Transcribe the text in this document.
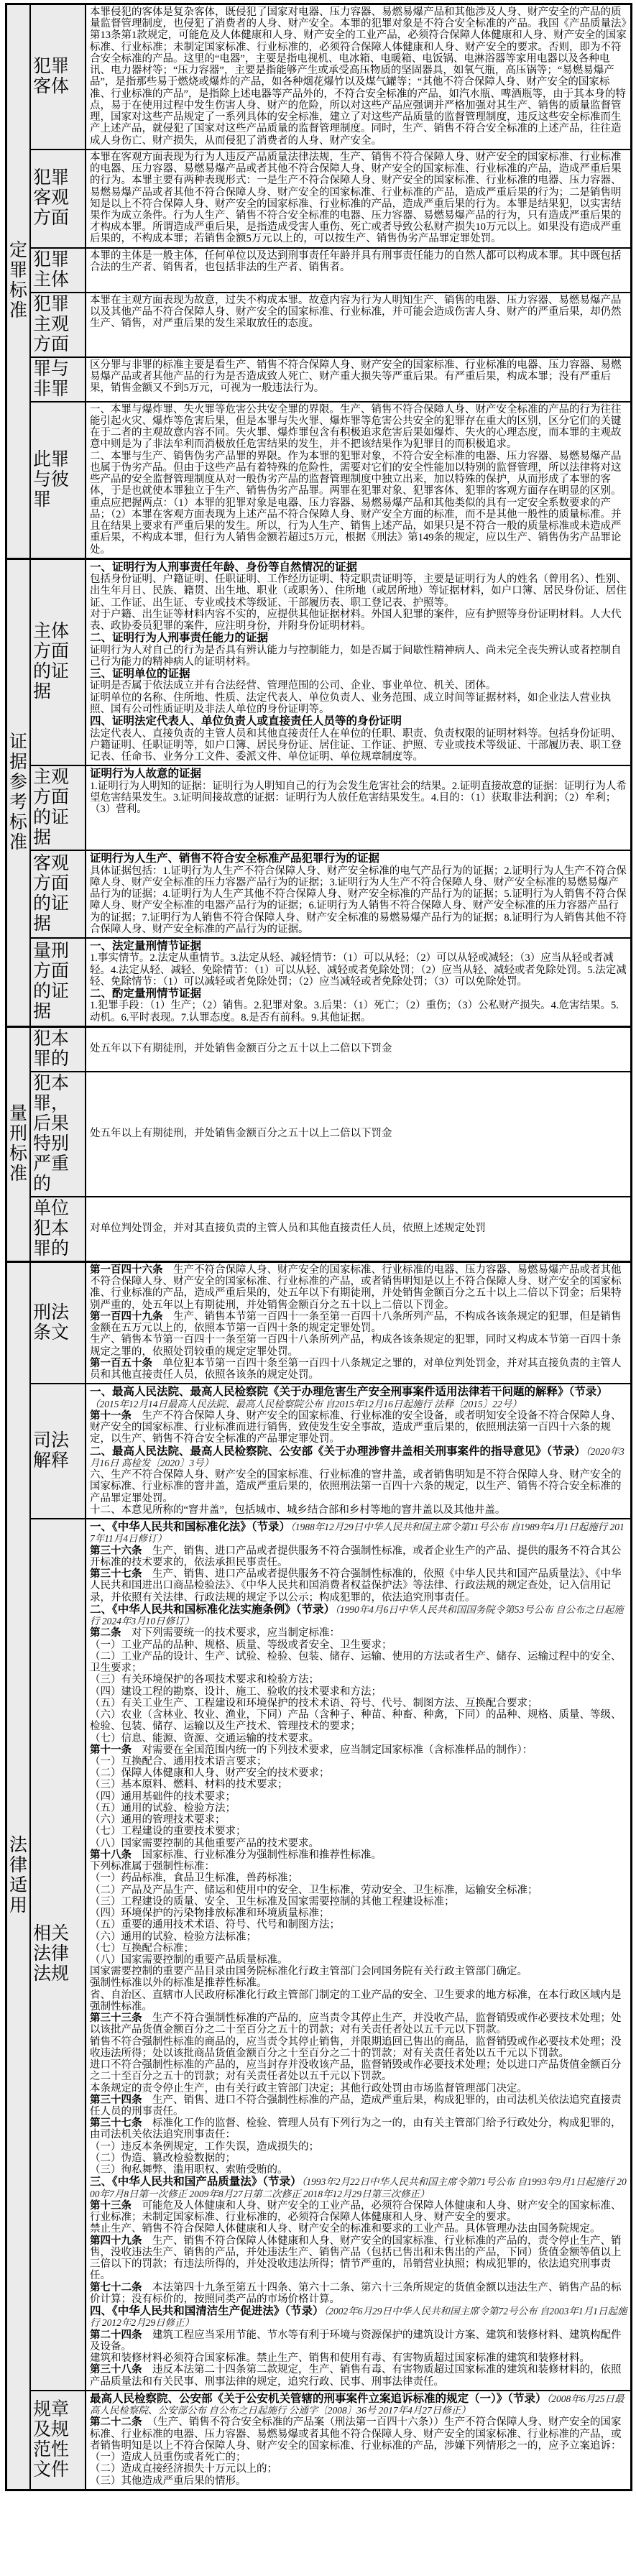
定罪标准
犯罪客体

本罪侵犯的客体是复杂客体，既侵犯了国家对电器、压力容器、易燃易爆产品和其他涉及人身、财产安全的产品的质量监督管理制度，也侵犯了消费者的人身、财产安全。本罪的犯罪对象是不符合安全标准的产品。我国《产品质量法》第13条第1款规定，可能危及人体健康和人身、财产安全的工业产品，必须符合保障人体健康和人身、财产安全的国家标准、行业标准；未制定国家标准、行业标准的，必须符合保障人体健康和人身、财产安全的要求。否则，即为不符合安全标准的产品。这里的“电器”，主要是指电视机、电冰箱、电暖箱、电饭锅、电淋浴器等家用电器以及各种电讯、电力器材等；“压力容器”，主要是指能够产生或承受高压物质的坚固器具，如氧气瓶，高压锅等；“易燃易爆产品”，是指那些易于燃烧或爆炸的产品，如各种烟花爆竹以及煤气罐等；“其他不符合保障人身、财产安全的国家标准、行业标准的产品”，是指除上述电器等产品外的，不符合安全标准的产品，如汽水瓶、啤酒瓶等，由于其本身的特点，易于在使用过程中发生伤害人身、财产的危险，所以对这些产品应强调并严格加强对其生产、销售的质量监督管理，国家对这些产品规定了一系列具体的安全标准，建立了对这些产品质量的监督管理制度，违反这些安全标准而生产上述产品，就侵犯了国家对这些产品质量的监督管理制度。同时，生产、销售不符合安全标准的上述产品，往往造成人身伤亡、财产损失，从而侵犯了消费者的人身、财产安全。

犯罪客观方面

本罪在客观方面表现为行为人违反产品质量法律法规，生产、销售不符合保障人身、财产安全的国家标准、行业标准的电器、压力容器、易燃易爆产品或者其他不符合保障人身、财产安全的国家标准、行业标准的产品，造成严重后果的行为。本罪主要有两种表现形式：一是生产不符合保障人身、财产安全的国家标准、行业标准的电器、压力容器、易燃易爆产品或者其他不符合保障人身、财产安全的国家标准、行业标准的产品，造成严重后果的行为；二是销售明知是以上不符合保障人身、财产安全的国家标准、行业标准的产品，造成严重后果的行为。本罪是结果犯，以实害结果作为成立条件。行为人生产、销售不符合安全标准的电器、压力容器、易燃易爆产品的行为，只有造成严重后果的才构成本罪。所谓造成严重后果，是指造成受害人重伤、死亡或者导致公私财产损失10万元以上。如果没有造成严重后果的，不构成本罪；若销售金额5万元以上的，可以按生产、销售伪劣产品罪定罪处罚。

犯罪主体

本罪的主体是一般主体，任何单位以及达到刑事责任年龄并具有刑事责任能力的自然人都可以构成本罪。其中既包括合法的生产者、销售者，也包括非法的生产者、销售者。

犯罪主观方面

本罪在主观方面表现为故意，过失不构成本罪。故意内容为行为人明知生产、销售的电器、压力容器、易燃易爆产品以及其他产品不符合保障人身、财产安全的国家标准、行业标准，并可能会造成伤害人身、财产的严重后果，却仍然生产、销售，对严重后果的发生采取放任的态度。

罪与非罪

区分罪与非罪的标准主要是看生产、销售不符合保障人身、财产安全的国家标准、行业标准的电器、压力容器、易燃易爆产品或者其他产品的行为是否造成致人死亡、财产重大损失等严重后果。有严重后果，构成本罪；没有严重后果，销售金额又不到5万元，可视为一般违法行为。

此罪与彼罪

一、本罪与爆炸罪、失火罪等危害公共安全罪的界限。生产、销售不符合保障人身、财产安全标准的产品的行为往往能引起火灾、爆炸等危害后果，但是本罪与失火罪、爆炸罪等危害公共安全的犯罪存在重大的区别，区分它们的关键在于二者的主观故意内容不同。失火罪、爆炸罪包含有积极追求危害后果如爆炸、失火的心理态度，而本罪的主观故意中则是为了非法牟利而消极放任危害结果的发生，并不把该结果作为犯罪目的而积极追求。

二、本罪与生产、销售伪劣产品罪的界限。作为本罪的犯罪对象，不符合安全标准的电器、压力容器、易燃易爆产品也属于伪劣产品。但由于这些产品有着特殊的危险性，需要对它们的安全性能加以特别的监督管理，所以法律将对这些产品的安全监督管理制度从对一般伪劣产品的监督管理制度中独立出来，加以特殊的保护，从而形成了本罪的客体，于是也就使本罪独立于生产、销售伪劣产品罪。两罪在犯罪对象、犯罪客体、犯罪的客观方面存在明显的区别。重点应把握两点：（1）本罪的犯罪对象是电器、压力容器、易燃易爆产品和其他类似的具有一定安全系数要求的产品；（2）本罪在客观方面表现为上述产品不符合保障人身、财产安全方面的标准，而不是其他一般性的质量标准。并且在结果上要求有严重后果的发生。所以，行为人生产、销售上述产品，如果只是不符合一般的质量标准或未造成严重后果，不构成本罪，但行为人销售金额若超过5万元，根据《刑法》第149条的规定，应以生产、销售伪劣产品罪论处。

证据参考标准
主体方面的证据

一、证明行为人刑事责任年龄、身份等自然情况的证据

包括身份证明、户籍证明、任职证明、工作经历证明、特定职责证明等，主要是证明行为人的姓名（曾用名）、性别、出生年月日、民族、籍贯、出生地、职业（或职务）、住所地（或居所地）等证据材料，如户口簿、居民身份证、居住证、工作证、出生证、专业或技术等级证、干部履历表、职工登记表、护照等。

对于户籍、出生证等材料内容不实的，应提供其他证据材料。外国人犯罪的案件，应有护照等身份证明材料。人大代表、政协委员犯罪的案件，应注明身份，并附身份证明材料。

二、证明行为人刑事责任能力的证据

证明行为人对自己的行为是否具有辨认能力与控制能力，如是否属于间歇性精神病人、尚未完全丧失辨认或者控制自己行为能力的精神病人的证明材料。

三、证明单位的证据

证明是否属于依法成立并有合法经营、管理范围的公司、企业、事业单位、机关、团体。

证明单位的名称、住所地、性质、法定代表人、单位负责人、业务范围、成立时间等证据材料，如企业法人营业执照、国有公司性质证明及非法人单位的身份证明等。

四、证明法定代表人、单位负责人或直接责任人员等的身份证明

法定代表人、直接负责的主管人员和其他直接责任人在单位的任职、职责、负责权限的证明材料等。包括身份证明、户籍证明、任职证明等，如户口簿、居民身份证、居住证、工作证、护照、专业或技术等级证、干部履历表、职工登记表、任命书、业务分工文件、委派文件、单位证明、单位规章制度等。

主观方面的证据

证明行为人故意的证据

1.证明行为人明知的证据：证明行为人明知自己的行为会发生危害社会的结果。2.证明直接故意的证据：证明行为人希望危害结果发生。3.证明间接故意的证据：证明行为人放任危害结果发生。4.目的：（1）获取非法利润；（2）牟利；（3）营利。

客观方面的证据

证明行为人生产、销售不符合安全标准产品犯罪行为的证据

具体证据包括：1.证明行为人生产不符合保障人身、财产安全标准的电气产品行为的证据；2.证明行为人生产不符合保障人身、财产安全标准的压力容器产品行为的证据；3.证明行为人生产不符合保障人身、财产安全标准的易燃易爆产品行为的证据；4.证明行为人生产其他不符合保障人身、财产安全标准的产品行为的证据；5.证明行为人销售不符合保障人身、财产安全标准的电器产品行为的证据；6.证明行为人销售不符合保障人身、财产安全标准的压力容器产品行为的证据；7.证明行为人销售不符合保障人身、财产安全标准的易燃易爆产品行为的证据；8.证明行为人销售其他不符合保障人身、财产安全标准的产品行为的证据。

量刑方面的证据

一、法定量刑情节证据

1.事实情节。2.法定从重情节。3.法定从轻、减轻情节：（1）可以从轻；（2）可以从轻或减轻；（3）应当从轻或者减轻。4.法定从轻、减轻、免除情节：（1）可以从轻、减轻或者免除处罚；（2）应当从轻、减轻或者免除处罚。5.法定减轻、免除情节：（1）可以减轻或者免除处罚；（2）应当减轻或者免除处罚；（3）可以免除处罚。

二、酌定量刑情节证据

1.犯罪手段：（1）生产；（2）销售。2.犯罪对象。3.后果：（1）死亡；（2）重伤；（3）公私财产损失。4.危害结果。5.动机。6.平时表现。7.认罪态度。8.是否有前科。9.其他证据。

量刑标准
犯本罪的

处五年以下有期徒刑，并处销售金额百分之五十以上二倍以下罚金

犯本罪，后果特别严重的

处五年以上有期徒刑，并处销售金额百分之五十以上二倍以下罚金

单位犯本罪的

对单位判处罚金，并对其直接负责的主管人员和其他直接责任人员，依照上述规定处罚

法律适用
刑法条文

第一百四十六条　生产不符合保障人身、财产安全的国家标准、行业标准的电器、压力容器、易燃易爆产品或者其他不符合保障人身、财产安全的国家标准、行业标准的产品，或者销售明知是以上不符合保障人身、财产安全的国家标准、行业标准的产品，造成严重后果的，处五年以下有期徒刑，并处销售金额百分之五十以上二倍以下罚金；后果特别严重的，处五年以上有期徒刑，并处销售金额百分之五十以上二倍以下罚金。

第一百四十九条　生产、销售本节第一百四十一条至第一百四十八条所列产品，不构成各该条规定的犯罪，但是销售金额在五万元以上的，依照本节第一百四十条的规定定罪处罚。

生产、销售本节第一百四十一条至第一百四十八条所列产品，构成各该条规定的犯罪，同时又构成本节第一百四十条规定之罪的，依照处罚较重的规定定罪处罚。

第一百五十条　单位犯本节第一百四十条至第一百四十八条规定之罪的，对单位判处罚金，并对其直接负责的主管人员和其他直接责任人员，依照各该条的规定处罚。

司法解释

一、最高人民法院、最高人民检察院《关于办理危害生产安全刑事案件适用法律若干问题的解释》（节录）

（2015年12月14日最高人民法院、最高人民检察院公布 自2015年12月16日起施行 法释〔2015〕22号）

第十一条　生产不符合保障人身、财产安全的国家标准、行业标准的安全设备，或者明知安全设备不符合保障人身、财产安全的国家标准、行业标准而进行销售，致使发生安全事故，造成严重后果的，依照刑法第一百四十六条的规定，以生产、销售不符合安全标准的产品罪定罪处罚。

二、最高人民法院、最高人民检察院、公安部《关于办理涉窨井盖相关刑事案件的指导意见》（节录）（2020年3月16日 高检发〔2020〕3号）

六、生产不符合保障人身、财产安全的国家标准、行业标准的窨井盖，或者销售明知是不符合保障人身、财产安全的国家标准、行业标准的窨井盖，造成严重后果的，依照刑法第一百四十六条的规定，以生产、销售不符合安全标准的产品罪定罪处罚。

十二、本意见所称的“窨井盖”，包括城市、城乡结合部和乡村等地的窨井盖以及其他井盖。

相关法律法规

一、《中华人民共和国标准化法》（节录）（1988年12月29日中华人民共和国主席令第11号公布 自1989年4月1日起施行 2017年11月4日修订）

第三十六条　生产、销售、进口产品或者提供服务不符合强制性标准，或者企业生产的产品、提供的服务不符合其公开标准的技术要求的，依法承担民事责任。

第三十七条　生产、销售、进口产品或者提供服务不符合强制性标准的，依照《中华人民共和国产品质量法》、《中华人民共和国进出口商品检验法》、《中华人民共和国消费者权益保护法》等法律、行政法规的规定查处，记入信用记录，并依照有关法律、行政法规的规定予以公示；构成犯罪的，依法追究刑事责任。

二、《中华人民共和国标准化法实施条例》（节录）（1990年4月6日中华人民共和国国务院令第53号公布 自公布之日起施行 2024年3月10日修订）

第二条　对下列需要统一的技术要求，应当制定标准：

（一）工业产品的品种、规格、质量、等级或者安全、卫生要求；

（二）工业产品的设计、生产、试验、检验、包装、储存、运输、使用的方法或者生产、储存、运输过程中的安全、卫生要求；

（三）有关环境保护的各项技术要求和检验方法；

（四）建设工程的勘察、设计、施工、验收的技术要求和方法；

（五）有关工业生产、工程建设和环境保护的技术术语、符号、代号、制图方法、互换配合要求；

（六）农业（含林业、牧业、渔业，下同）产品（含种子、种苗、种畜、种禽，下同）的品种、规格、质量、等级、检验、包装、储存、运输以及生产技术、管理技术的要求；

（七）信息、能源、资源、交通运输的技术要求。

第十一条　对需要在全国范围内统一的下列技术要求，应当制定国家标准（含标准样品的制作）：

（一）互换配合、通用技术语言要求；

（二）保障人体健康和人身、财产安全的技术要求；

（三）基本原料、燃料、材料的技术要求；

（四）通用基础件的技术要求；

（五）通用的试验、检验方法；

（六）通用的管理技术要求；

（七）工程建设的重要技术要求；

（八）国家需要控制的其他重要产品的技术要求。

第十八条　国家标准、行业标准分为强制性标准和推荐性标准。

下列标准属于强制性标准：

（一）药品标准，食品卫生标准，兽药标准；

（二）产品及产品生产、储运和使用中的安全、卫生标准，劳动安全、卫生标准，运输安全标准；

（三）工程建设的质量、安全、卫生标准及国家需要控制的其他工程建设标准；

（四）环境保护的污染物排放标准和环境质量标准；

（五）重要的通用技术术语、符号、代号和制图方法；

（六）通用的试验、检验方法标准；

（七）互换配合标准；

（八）国家需要控制的重要产品质量标准。

国家需要控制的重要产品目录由国务院标准化行政主管部门会同国务院有关行政主管部门确定。

强制性标准以外的标准是推荐性标准。

省、自治区、直辖市人民政府标准化行政主管部门制定的工业产品的安全、卫生要求的地方标准，在本行政区域内是强制性标准。

第三十三条　生产不符合强制性标准的产品的，应当责令其停止生产，并没收产品，监督销毁或作必要技术处理；处以该批产品货值金额百分之二十至百分之五十的罚款；对有关责任者处以五千元以下罚款。

销售不符合强制性标准的商品的，应当责令其停止销售，并限期追回已售出的商品，监督销毁或作必要技术处理；没收违法所得；处以该批商品货值金额百分之十至百分之二十的罚款；对有关责任者处以五千元以下罚款。

进口不符合强制性标准的产品的，应当封存并没收该产品，监督销毁或作必要技术处理；处以进口产品货值金额百分之二十至百分之五十的罚款；对有关责任者处以五千元以下罚款。

本条规定的责令停止生产，由有关行政主管部门决定；其他行政处罚由市场监督管理部门决定。

第三十四条　生产、销售、进口不符合强制性标准的产品，造成严重后果，构成犯罪的，由司法机关依法追究直接责任人员的刑事责任。

第三十七条　标准化工作的监督、检验、管理人员有下列行为之一的，由有关主管部门给予行政处分，构成犯罪的，由司法机关依法追究刑事责任：

（一）违反本条例规定，工作失误，造成损失的；

（二）伪造、篡改检验数据的；

（三）徇私舞弊、滥用职权、索贿受贿的。

三、《中华人民共和国产品质量法》（节录）（1993年2月22日中华人民共和国主席令第71号公布 自1993年9月1日起施行 2000年7月8日第一次修正 2009年8月27日第二次修正 2018年12月29日第三次修正）

第十三条　可能危及人体健康和人身、财产安全的工业产品，必须符合保障人体健康和人身、财产安全的国家标准、行业标准；未制定国家标准、行业标准的，必须符合保障人体健康和人身、财产安全的要求。

禁止生产、销售不符合保障人体健康和人身、财产安全的标准和要求的工业产品。具体管理办法由国务院规定。

第四十九条　生产、销售不符合保障人体健康和人身、财产安全的国家标准、行业标准的产品的，责令停止生产、销售，没收违法生产、销售的产品，并处违法生产、销售产品（包括已售出和未售出的产品，下同）货值金额等值以上三倍以下的罚款；有违法所得的，并处没收违法所得；情节严重的，吊销营业执照；构成犯罪的，依法追究刑事责任。

第七十二条　本法第四十九条至第五十四条、第六十二条、第六十三条所规定的货值金额以违法生产、销售产品的标价计算；没有标价的，按照同类产品的市场价格计算。

四、《中华人民共和国清洁生产促进法》（节录）（2002年6月29日中华人民共和国主席令第72号公布 自2003年1月1日起施行 2012年2月29日修正）

第二十四条　建筑工程应当采用节能、节水等有利于环境与资源保护的建筑设计方案、建筑和装修材料、建筑构配件及设备。

建筑和装修材料必须符合国家标准。禁止生产、销售和使用有毒、有害物质超过国家标准的建筑和装修材料。

第三十八条　违反本法第二十四条第二款规定，生产、销售有毒、有害物质超过国家标准的建筑和装修材料的，依照产品质量法和有关民事、刑事法律的规定，追究行政、民事、刑事法律责任。

规章及规范性文件

最高人民检察院、公安部《关于公安机关管辖的刑事案件立案追诉标准的规定（一）》（节录）（2008年6月25日最高人民检察院、公安部公布 自公布之日起施行 公通字〔2008〕36号 2017年4月27日修正）

第二十二条　（生产、销售不符合安全标准的产品案（刑法第一百四十六条））生产不符合保障人身、财产安全的国家标准、行业标准的电器、压力容器、易燃易爆或者其他不符合保障人身、财产安全的国家标准、行业标准的产品，或者销售明知是以上不符合保障人身、财产安全的国家标准、行业标准的产品，涉嫌下列情形之一的，应予立案追诉：

（一）造成人员重伤或者死亡的；

（二）造成直接经济损失十万元以上的；

（三）其他造成严重后果的情形。
